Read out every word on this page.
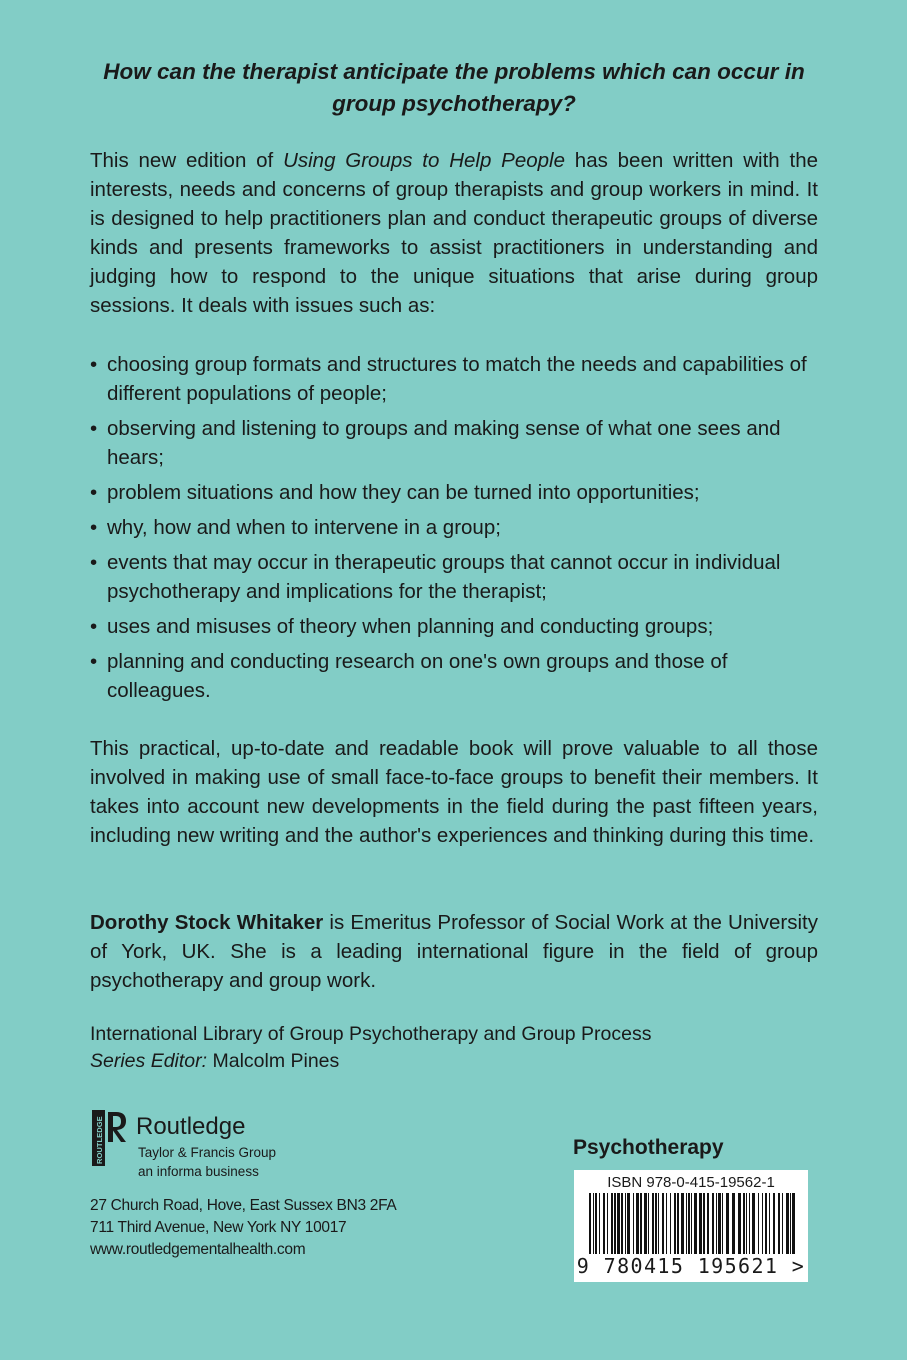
How can the therapist anticipate the problems which can occur in group psychotherapy?
This new edition of Using Groups to Help People has been written with the interests, needs and concerns of group therapists and group workers in mind. It is designed to help practitioners plan and conduct therapeutic groups of diverse kinds and presents frameworks to assist practitioners in understanding and judging how to respond to the unique situations that arise during group sessions. It deals with issues such as:
• choosing group formats and structures to match the needs and capabilities of different populations of people;
• observing and listening to groups and making sense of what one sees and hears;
• problem situations and how they can be turned into opportunities;
• why, how and when to intervene in a group;
• events that may occur in therapeutic groups that cannot occur in individual psychotherapy and implications for the therapist;
• uses and misuses of theory when planning and conducting groups;
• planning and conducting research on one's own groups and those of colleagues.
This practical, up-to-date and readable book will prove valuable to all those involved in making use of small face-to-face groups to benefit their members. It takes into account new developments in the field during the past fifteen years, including new writing and the author's experiences and thinking during this time.
Dorothy Stock Whitaker is Emeritus Professor of Social Work at the University of York, UK. She is a leading international figure in the field of group psychotherapy and group work.
International Library of Group Psychotherapy and Group Process
Series Editor: Malcolm Pines
ROUTLEDGE Routledge
Taylor & Francis Group
an informa business
27 Church Road, Hove, East Sussex BN3 2FA
711 Third Avenue, New York NY 10017
www.routledgementalhealth.com
Psychotherapy
ISBN 978-0-415-19562-1
9 780415 195621 >
